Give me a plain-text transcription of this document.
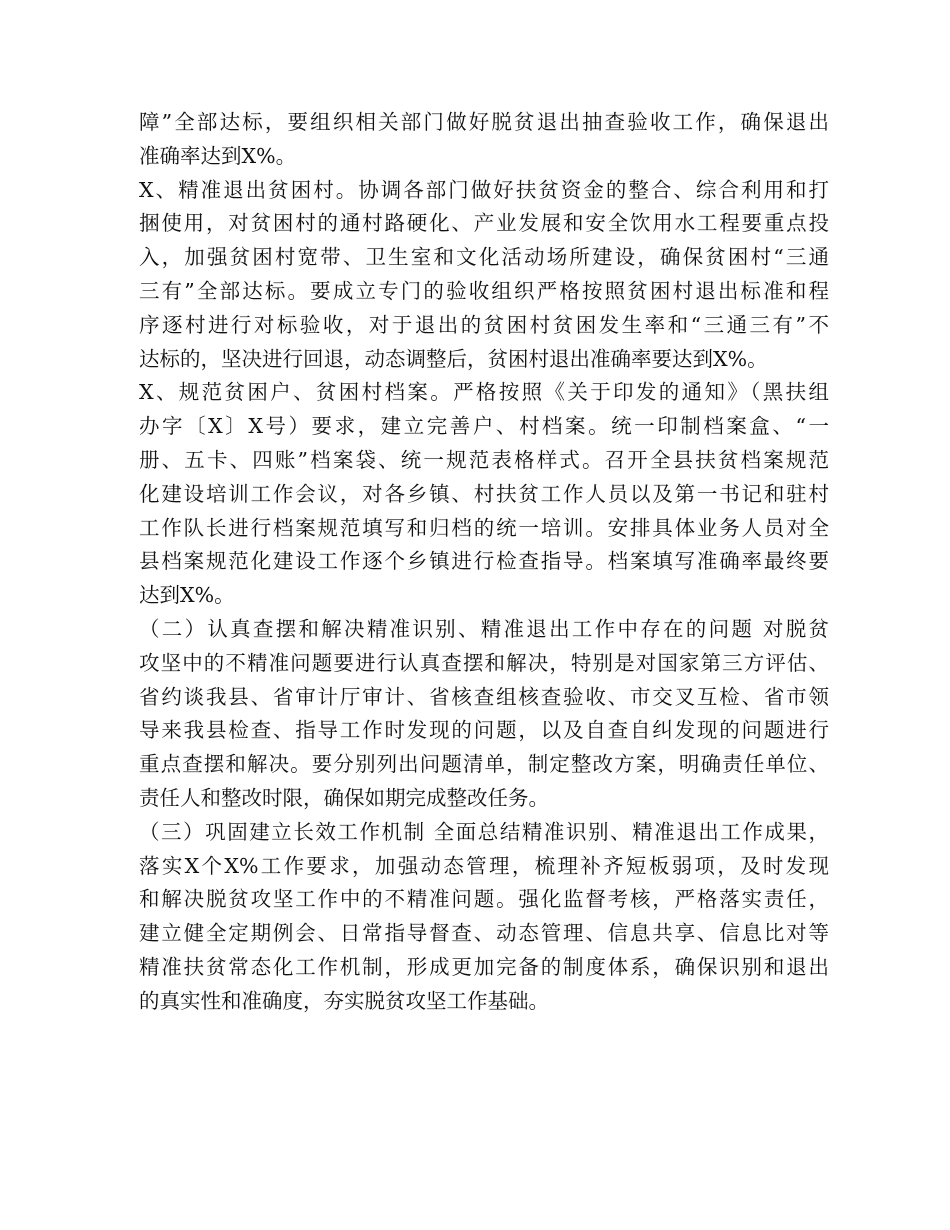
障”全部达标，要组织相关部门做好脱贫退出抽查验收工作，确保退出
准确率达到X%。
X、精准退出贫困村。协调各部门做好扶贫资金的整合、综合利用和打
捆使用，对贫困村的通村路硬化、产业发展和安全饮用水工程要重点投
入，加强贫困村宽带、卫生室和文化活动场所建设，确保贫困村“三通
三有”全部达标。要成立专门的验收组织严格按照贫困村退出标准和程
序逐村进行对标验收，对于退出的贫困村贫困发生率和“三通三有”不
达标的，坚决进行回退，动态调整后，贫困村退出准确率要达到X%。
X、规范贫困户、贫困村档案。严格按照《关于印发的通知》（黑扶组
办字〔X〕X号）要求，建立完善户、村档案。统一印制档案盒、“一
册、五卡、四账”档案袋、统一规范表格样式。召开全县扶贫档案规范
化建设培训工作会议，对各乡镇、村扶贫工作人员以及第一书记和驻村
工作队长进行档案规范填写和归档的统一培训。安排具体业务人员对全
县档案规范化建设工作逐个乡镇进行检查指导。档案填写准确率最终要
达到X%。
（二）认真查摆和解决精准识别、精准退出工作中存在的问题 对脱贫
攻坚中的不精准问题要进行认真查摆和解决，特别是对国家第三方评估、
省约谈我县、省审计厅审计、省核查组核查验收、市交叉互检、省市领
导来我县检查、指导工作时发现的问题，以及自查自纠发现的问题进行
重点查摆和解决。要分别列出问题清单，制定整改方案，明确责任单位、
责任人和整改时限，确保如期完成整改任务。
（三）巩固建立长效工作机制 全面总结精准识别、精准退出工作成果，
落实X个X%工作要求，加强动态管理，梳理补齐短板弱项，及时发现
和解决脱贫攻坚工作中的不精准问题。强化监督考核，严格落实责任，
建立健全定期例会、日常指导督查、动态管理、信息共享、信息比对等
精准扶贫常态化工作机制，形成更加完备的制度体系，确保识别和退出
的真实性和准确度，夯实脱贫攻坚工作基础。
